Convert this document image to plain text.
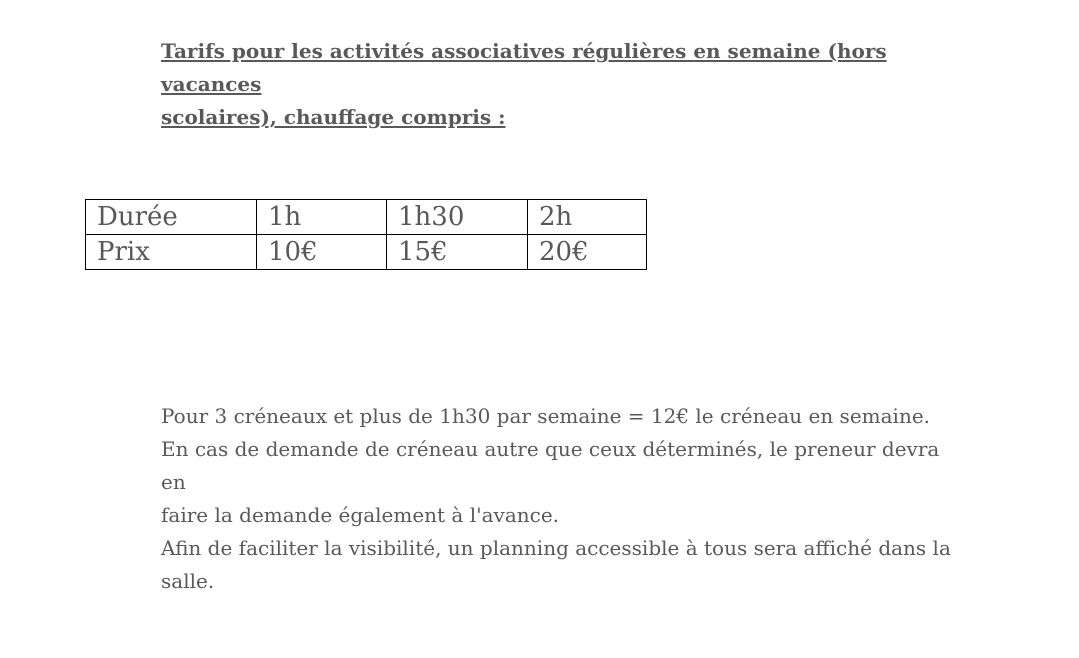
Tarifs pour les activités associatives régulières en semaine (hors vacances
scolaires), chauffage compris :
Durée	1h	1h30	2h
Prix	10€	15€	20€

Pour 3 créneaux et plus de 1h30 par semaine = 12€ le créneau en semaine.

En cas de demande de créneau autre que ceux déterminés, le preneur devra en

faire la demande également à l'avance.

Afin de faciliter la visibilité, un planning accessible à tous sera affiché dans la

salle.
